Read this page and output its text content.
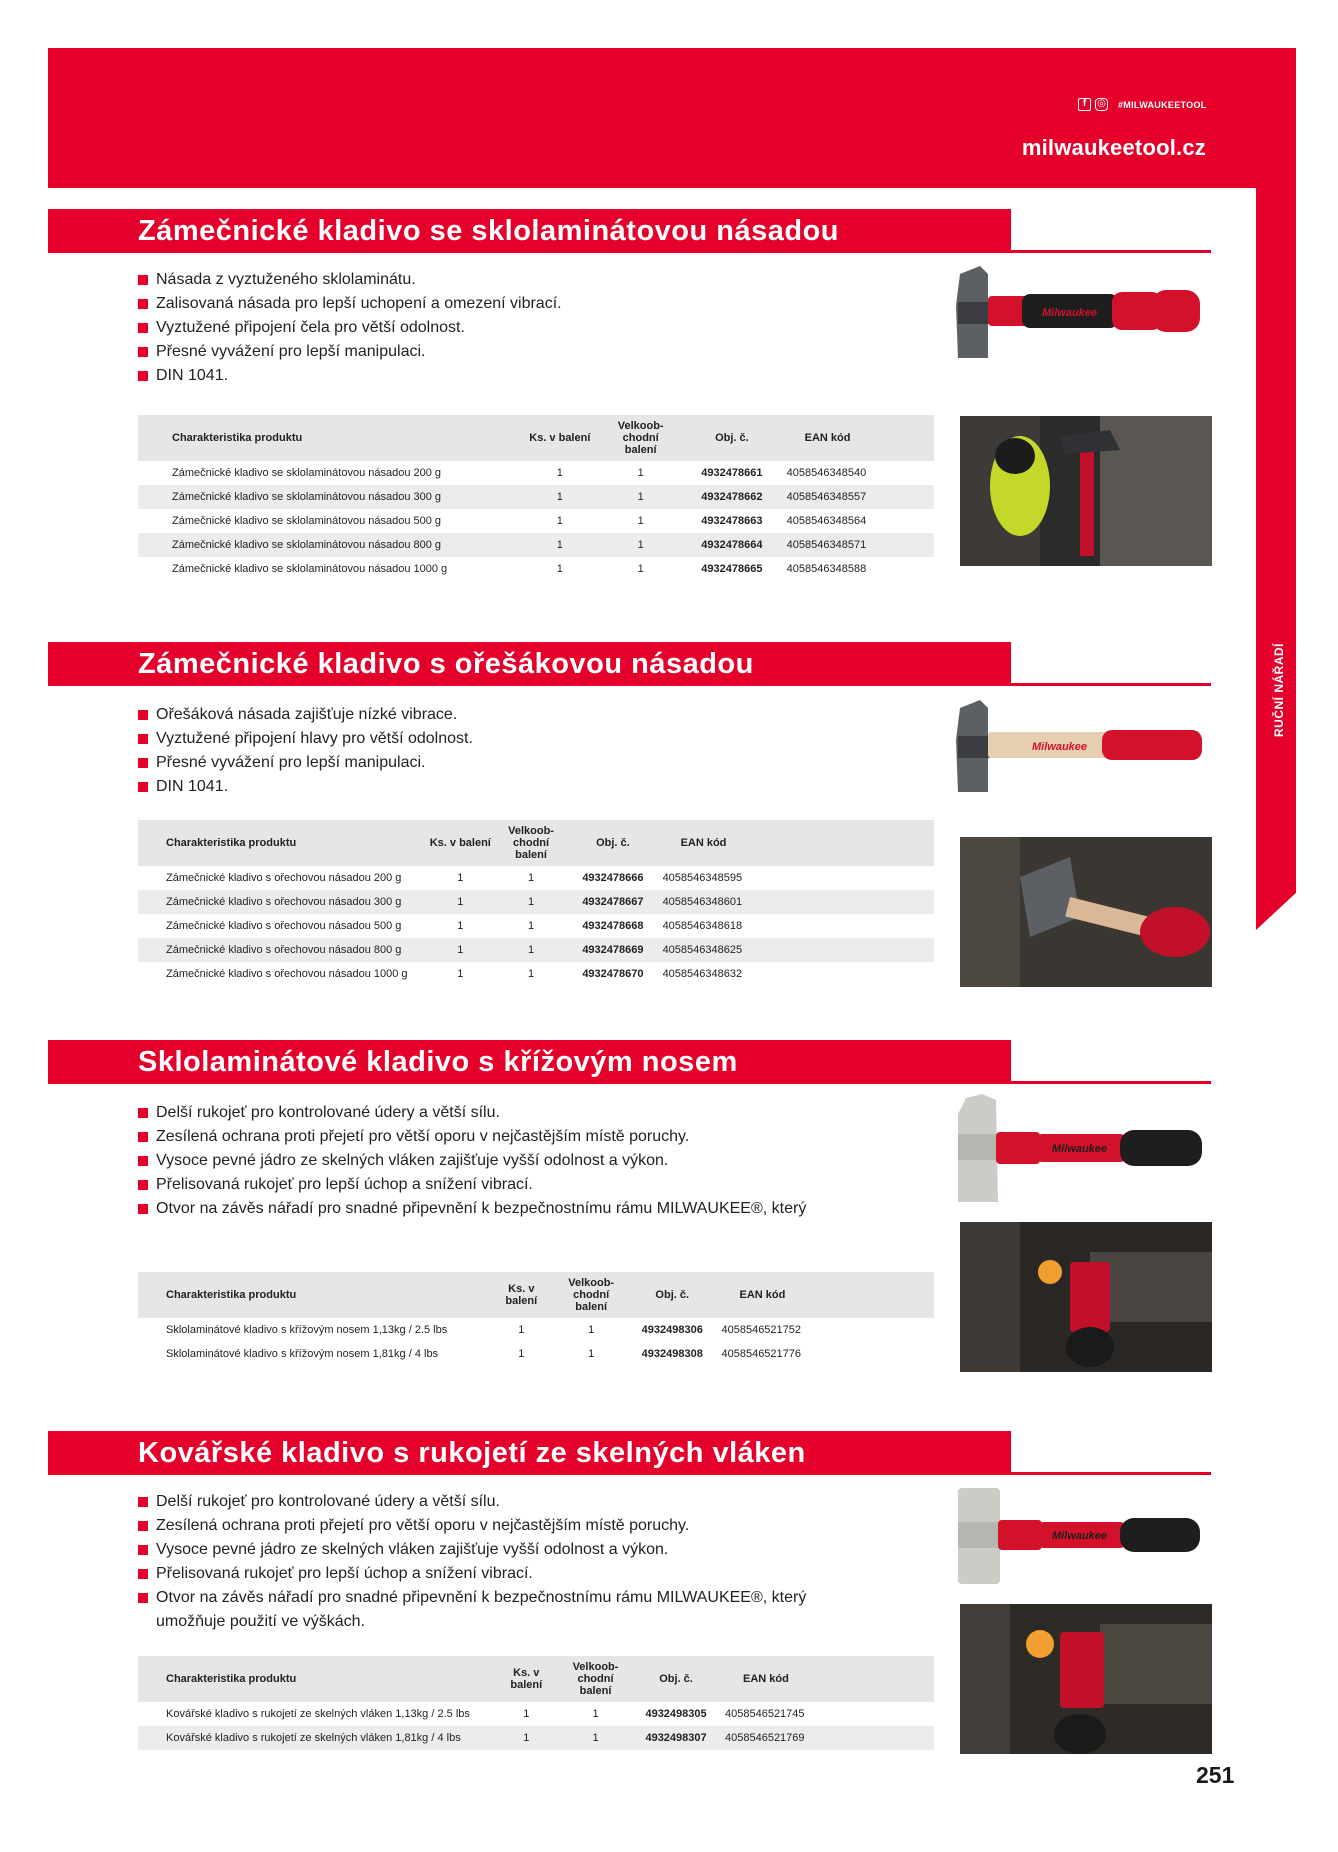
RUČNÍ NÁŘADÍ
f	◎ #MILWAUKEETOOL
milwaukeetool.cz
Zámečnické kladivo se sklolaminátovou násadou
Násada z vyztuženého sklolaminátu.
Zalisovaná násada pro lepší uchopení a omezení vibrací.
Vyztužené připojení čela pro větší odolnost.
Přesné vyvážení pro lepší manipulaci.
DIN 1041.
Charakteristika produktu	Ks. v balení	Velkoob-
chodní
balení	Obj. č.	EAN kód
Zámečnické kladivo se sklolaminátovou násadou 200 g	1	1	4932478661	4058546348540
Zámečnické kladivo se sklolaminátovou násadou 300 g	1	1	4932478662	4058546348557
Zámečnické kladivo se sklolaminátovou násadou 500 g	1	1	4932478663	4058546348564
Zámečnické kladivo se sklolaminátovou násadou 800 g	1	1	4932478664	4058546348571
Zámečnické kladivo se sklolaminátovou násadou 1000 g	1	1	4932478665	4058546348588
Milwaukee
Zámečnické kladivo s ořešákovou násadou
Ořešáková násada zajišťuje nízké vibrace.
Vyztužené připojení hlavy pro větší odolnost.
Přesné vyvážení pro lepší manipulaci.
DIN 1041.
Charakteristika produktu	Ks. v balení	Velkoob-
chodní
balení	Obj. č.	EAN kód
Zámečnické kladivo s ořechovou násadou 200 g	1	1	4932478666	4058546348595
Zámečnické kladivo s ořechovou násadou 300 g	1	1	4932478667	4058546348601
Zámečnické kladivo s ořechovou násadou 500 g	1	1	4932478668	4058546348618
Zámečnické kladivo s ořechovou násadou 800 g	1	1	4932478669	4058546348625
Zámečnické kladivo s ořechovou násadou 1000 g	1	1	4932478670	4058546348632
Milwaukee
Sklolaminátové kladivo s křížovým nosem
Delší rukojeť pro kontrolované údery a větší sílu.
Zesílená ochrana proti přejetí pro větší oporu v nejčastějším místě poruchy.
Vysoce pevné jádro ze skelných vláken zajišťuje vyšší odolnost a výkon.
Přelisovaná rukojeť pro lepší úchop a snížení vibrací.
Otvor na závěs nářadí pro snadné připevnění k bezpečnostnímu rámu MILWAUKEE®, který
Charakteristika produktu	Ks. v balení	Velkoob-
chodní
balení	Obj. č.	EAN kód
Sklolaminátové kladivo s křížovým nosem 1,13kg / 2.5 lbs	1	1	4932498306	4058546521752
Sklolaminátové kladivo s křížovým nosem 1,81kg / 4 lbs	1	1	4932498308	4058546521776
Milwaukee
Kovářské kladivo s rukojetí ze skelných vláken
Delší rukojeť pro kontrolované údery a větší sílu.
Zesílená ochrana proti přejetí pro větší oporu v nejčastějším místě poruchy.
Vysoce pevné jádro ze skelných vláken zajišťuje vyšší odolnost a výkon.
Přelisovaná rukojeť pro lepší úchop a snížení vibrací.
Otvor na závěs nářadí pro snadné připevnění k bezpečnostnímu rámu MILWAUKEE®, který umožňuje použití ve výškách.
Charakteristika produktu	Ks. v balení	Velkoob-
chodní
balení	Obj. č.	EAN kód
Kovářské kladivo s rukojetí ze skelných vláken 1,13kg / 2.5 lbs	1	1	4932498305	4058546521745
Kovářské kladivo s rukojetí ze skelných vláken 1,81kg / 4 lbs	1	1	4932498307	4058546521769
Milwaukee
251
